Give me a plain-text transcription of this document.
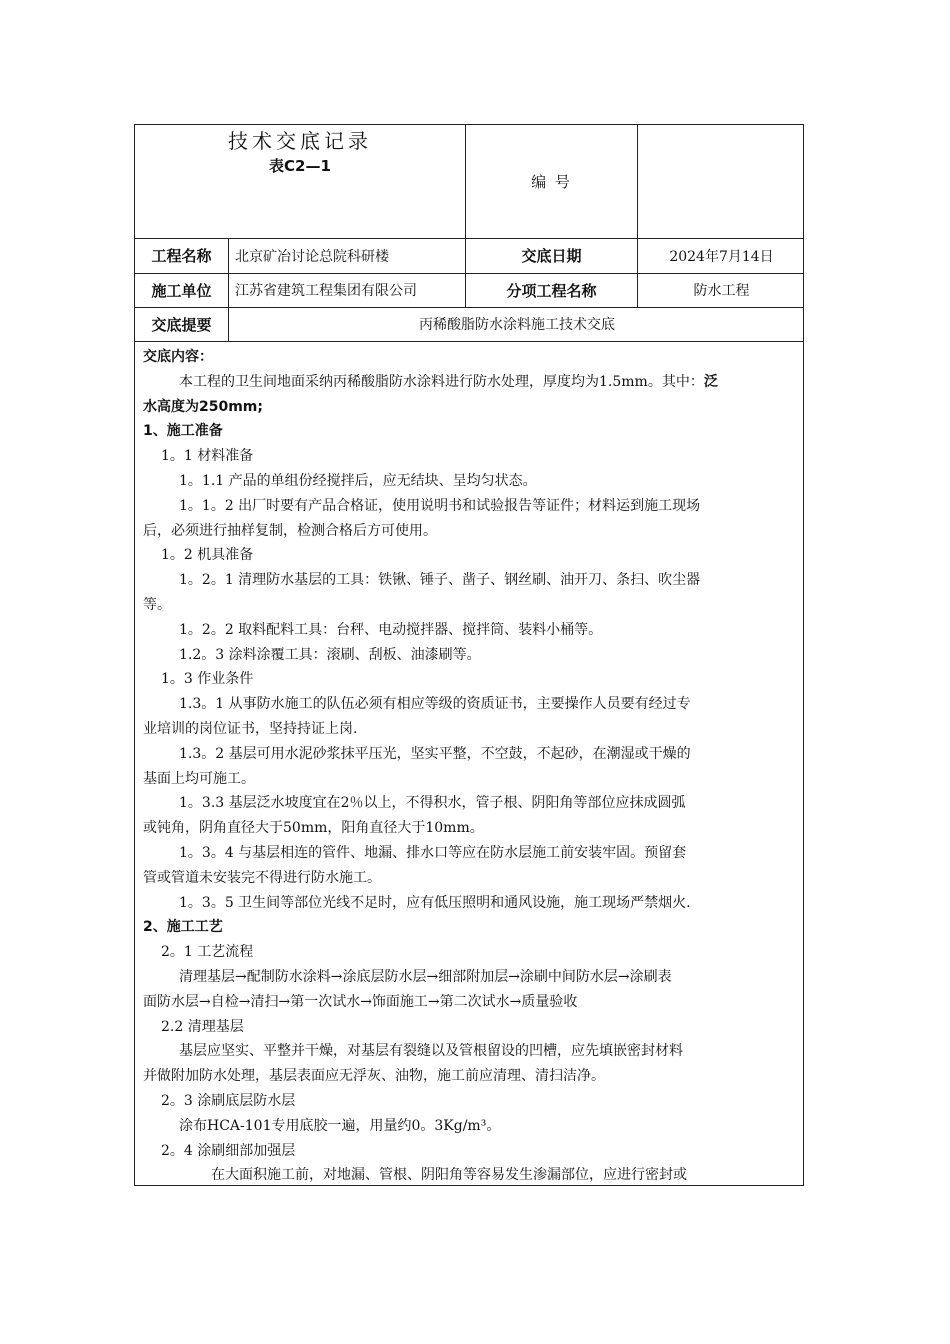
技术交底记录
表C2—1
编 号
工程名称	北京矿冶讨论总院科研楼	交底日期	2024年7月14日
施工单位	江苏省建筑工程集团有限公司	分项工程名称	防水工程
交底提要	丙稀酸脂防水涂料施工技术交底

交底内容：

本工程的卫生间地面采纳丙稀酸脂防水涂料进行防水处理，厚度均为1.5mm。其中：泛

水高度为250mm;

1、施工准备

1。1 材料准备

1。1.1 产品的单组份经搅拌后，应无结块、呈均匀状态。

1。1。2 出厂时要有产品合格证，使用说明书和试验报告等证件；材料运到施工现场

后，必须进行抽样复制，检测合格后方可使用。

1。2 机具准备

1。2。1 清理防水基层的工具：铁锹、锤子、凿子、钢丝刷、油开刀、条扫、吹尘器

等。

1。2。2 取料配料工具：台秤、电动搅拌器、搅拌筒、装料小桶等。

1.2。3 涂料涂覆工具：滚刷、刮板、油漆刷等。

1。3 作业条件

1.3。1 从事防水施工的队伍必须有相应等级的资质证书，主要操作人员要有经过专

业培训的岗位证书，坚持持证上岗.

1.3。2 基层可用水泥砂浆抹平压光，坚实平整，不空鼓，不起砂，在潮湿或干燥的

基面上均可施工。

1。3.3 基层泛水坡度宜在2％以上，不得积水，管子根、阴阳角等部位应抹成圆弧

或钝角，阴角直径大于50mm，阳角直径大于10mm。

1。3。4 与基层相连的管件、地漏、排水口等应在防水层施工前安装牢固。预留套

管或管道未安装完不得进行防水施工。

1。3。5 卫生间等部位光线不足时，应有低压照明和通风设施，施工现场严禁烟火.

2、施工工艺

2。1 工艺流程

清理基层→配制防水涂料→涂底层防水层→细部附加层→涂刷中间防水层→涂刷表

面防水层→自检→清扫→第一次试水→饰面施工→第二次试水→质量验收

2.2 清理基层

基层应坚实、平整并干燥，对基层有裂缝以及管根留设的凹槽，应先填嵌密封材料

并做附加防水处理，基层表面应无浮灰、油物，施工前应清理、清扫洁净。

2。3 涂刷底层防水层

涂布HCA-101专用底胶一遍，用量约0。3Kg/m³。

2。4 涂刷细部加强层

在大面积施工前，对地漏、管根、阴阳角等容易发生渗漏部位，应进行密封或
